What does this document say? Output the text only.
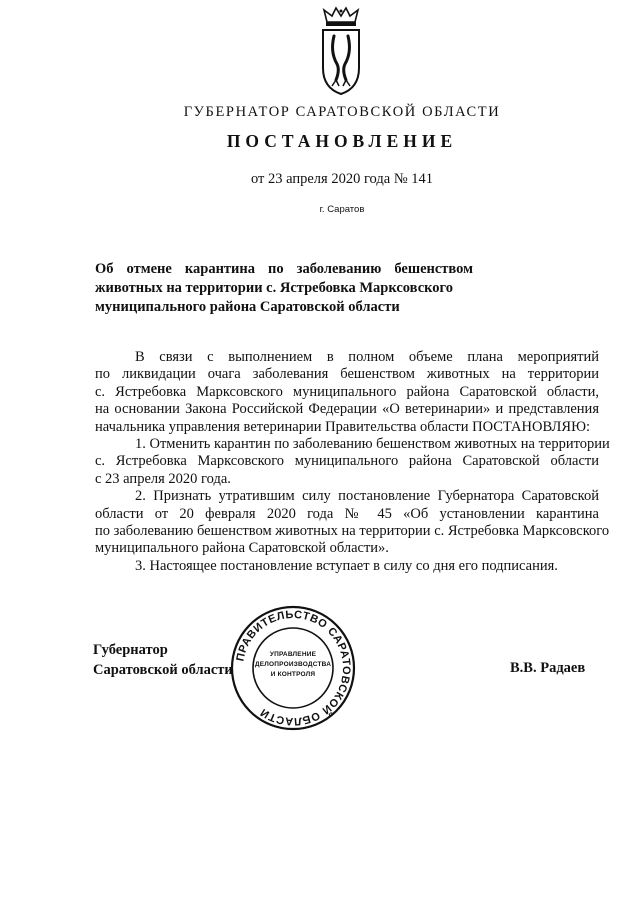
ГУБЕРНАТОР САРАТОВСКОЙ ОБЛАСТИ
ПОСТАНОВЛЕНИЕ
от 23 апреля 2020 года № 141
г. Саратов
Об отмене карантина по заболеванию бешенством
животных на территории с. Ястребовка Марксовского
муниципального района Саратовской области
В связи с выполнением в полном объеме плана мероприятий
по ликвидации очага заболевания бешенством животных на территории
с. Ястребовка Марксовского муниципального района Саратовской области,
на основании Закона Российской Федерации «О ветеринарии» и представления
начальника управления ветеринарии Правительства области ПОСТАНОВЛЯЮ:
1. Отменить карантин по заболеванию бешенством животных на территории
с. Ястребовка Марксовского муниципального района Саратовской области
с 23 апреля 2020 года.
2. Признать утратившим силу постановление Губернатора Саратовской
области от 20 февраля 2020 года № 45 «Об установлении карантина
по заболеванию бешенством животных на территории с. Ястребовка Марксовского
муниципального района Саратовской области».
3. Настоящее постановление вступает в силу со дня его подписания.
Губернатор
Саратовской области
ПРАВИТЕЛЬСТВО САРАТОВСКОЙ ОБЛАСТИ
УПРАВЛЕНИЕ
ДЕЛОПРОИЗВОДСТВА
И КОНТРОЛЯ	В.В. Радаев
